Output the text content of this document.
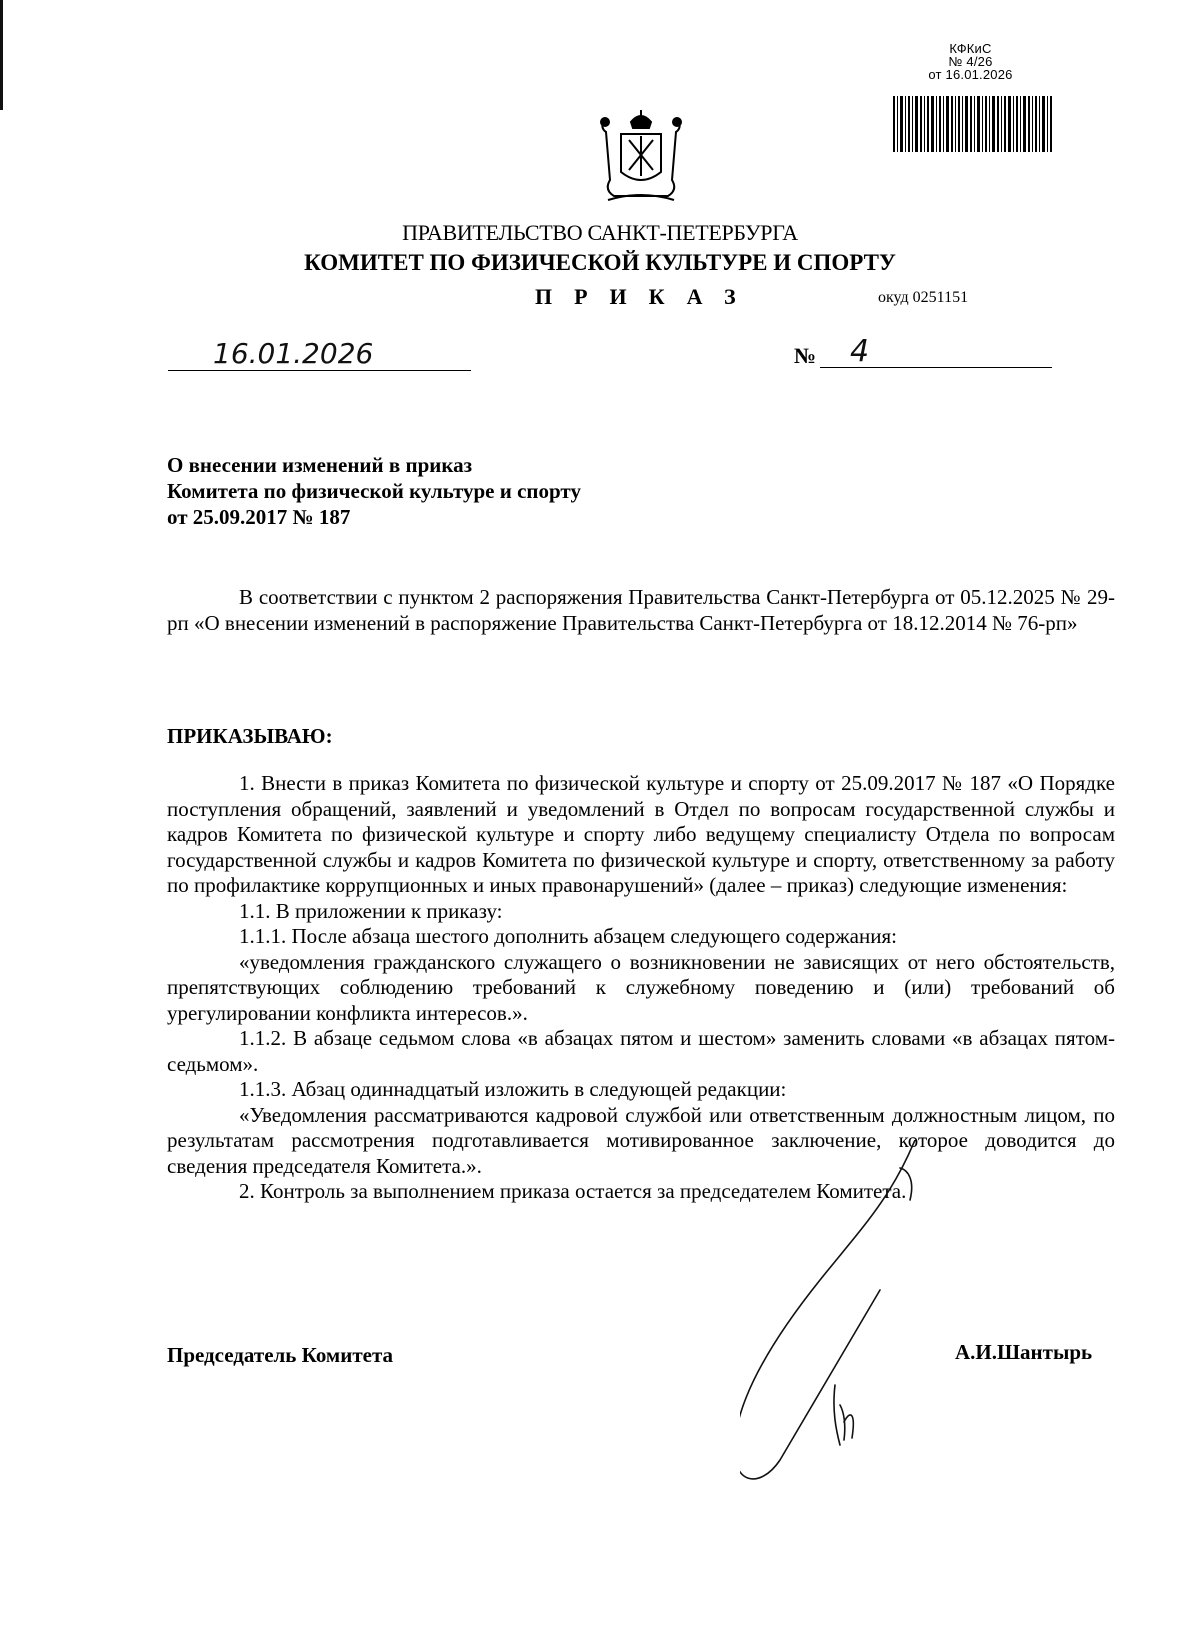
КФКиС
№ 4/26
от 16.01.2026
ПРАВИТЕЛЬСТВО САНКТ-ПЕТЕРБУРГА
КОМИТЕТ ПО ФИЗИЧЕСКОЙ КУЛЬТУРЕ И СПОРТУ
ПРИКАЗ	окуд 0251151
16.01.2026	№ 4
О внесении изменений в приказ
Комитета по физической культуре и спорту
от 25.09.2017 № 187
В соответствии с пунктом 2 распоряжения Правительства Санкт-Петербурга от 05.12.2025 № 29-рп «О внесении изменений в распоряжение Правительства Санкт-Петербурга от 18.12.2014 № 76-рп»
ПРИКАЗЫВАЮ:

1. Внести в приказ Комитета по физической культуре и спорту от 25.09.2017 № 187 «О Порядке поступления обращений, заявлений и уведомлений в Отдел по вопросам государственной службы и кадров Комитета по физической культуре и спорту либо ведущему специалисту Отдела по вопросам государственной службы и кадров Комитета по физической культуре и спорту, ответственному за работу по профилактике коррупционных и иных правонарушений» (далее – приказ) следующие изменения:

1.1. В приложении к приказу:

1.1.1. После абзаца шестого дополнить абзацем следующего содержания:

«уведомления гражданского служащего о возникновении не зависящих от него обстоятельств, препятствующих соблюдению требований к служебному поведению и (или) требований об урегулировании конфликта интересов.».

1.1.2. В абзаце седьмом слова «в абзацах пятом и шестом» заменить словами «в абзацах пятом-седьмом».

1.1.3. Абзац одиннадцатый изложить в следующей редакции:

«Уведомления рассматриваются кадровой службой или ответственным должностным лицом, по результатам рассмотрения подготавливается мотивированное заключение, которое доводится до сведения председателя Комитета.».

2. Контроль за выполнением приказа остается за председателем Комитета.

Председатель Комитета	А.И.Шантырь
